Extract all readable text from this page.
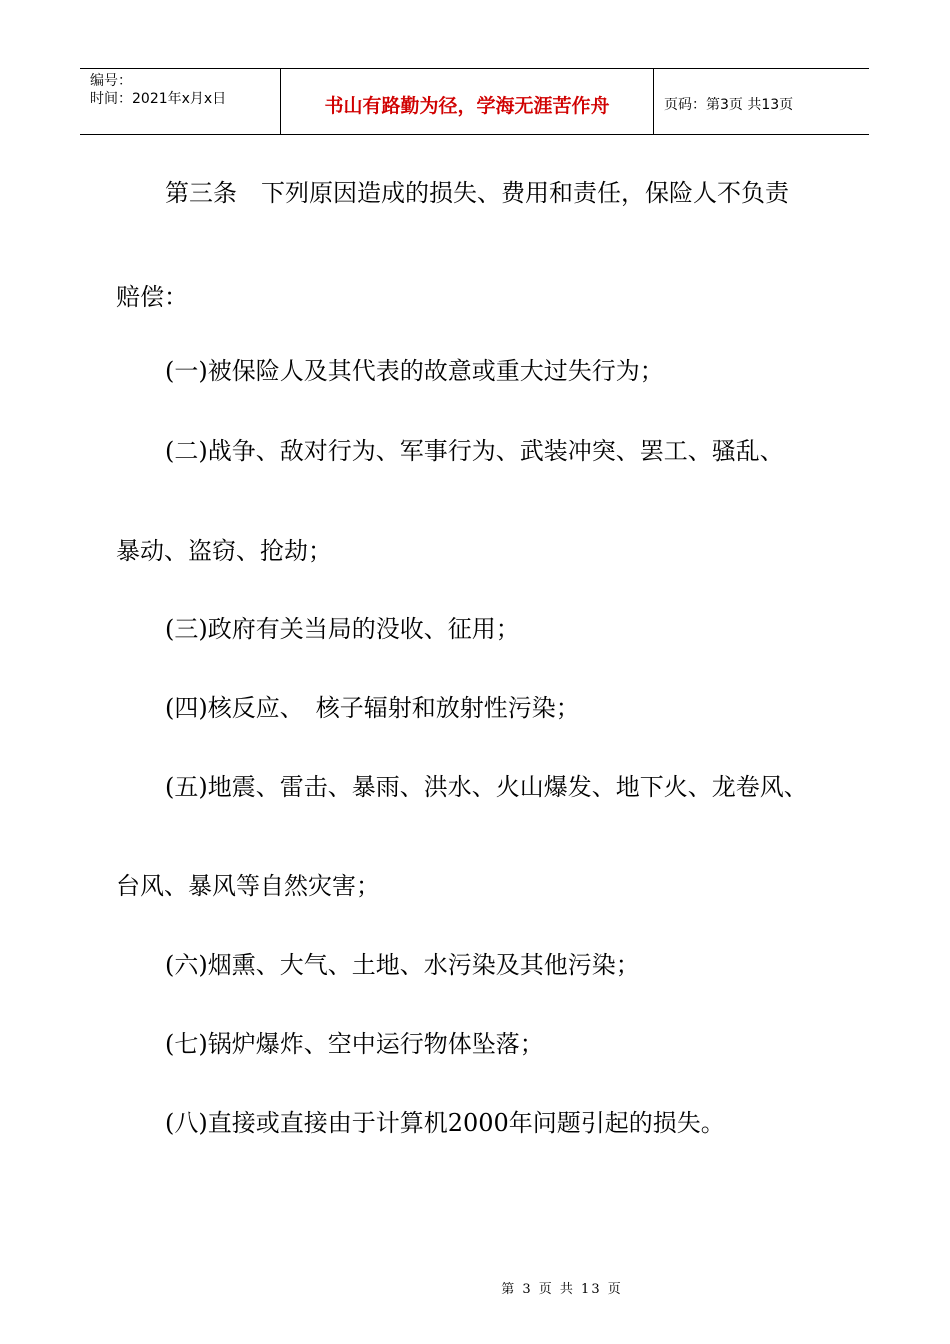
编号：
时间：2021年x月x日	书山有路勤为径，学海无涯苦作舟	页码：第3页 共13页
第三条　下列原因造成的损失、费用和责任，保险人不负责
赔偿：
(一)被保险人及其代表的故意或重大过失行为；
(二)战争、敌对行为、军事行为、武装冲突、罢工、骚乱、
暴动、盗窃、抢劫；
(三)政府有关当局的没收、征用；
(四)核反应、　核子辐射和放射性污染；
(五)地震、雷击、暴雨、洪水、火山爆发、地下火、龙卷风、
台风、暴风等自然灾害；
(六)烟熏、大气、土地、水污染及其他污染；
(七)锅炉爆炸、空中运行物体坠落；
(八)直接或直接由于计算机2000年问题引起的损失。
第 3 页 共 13 页
